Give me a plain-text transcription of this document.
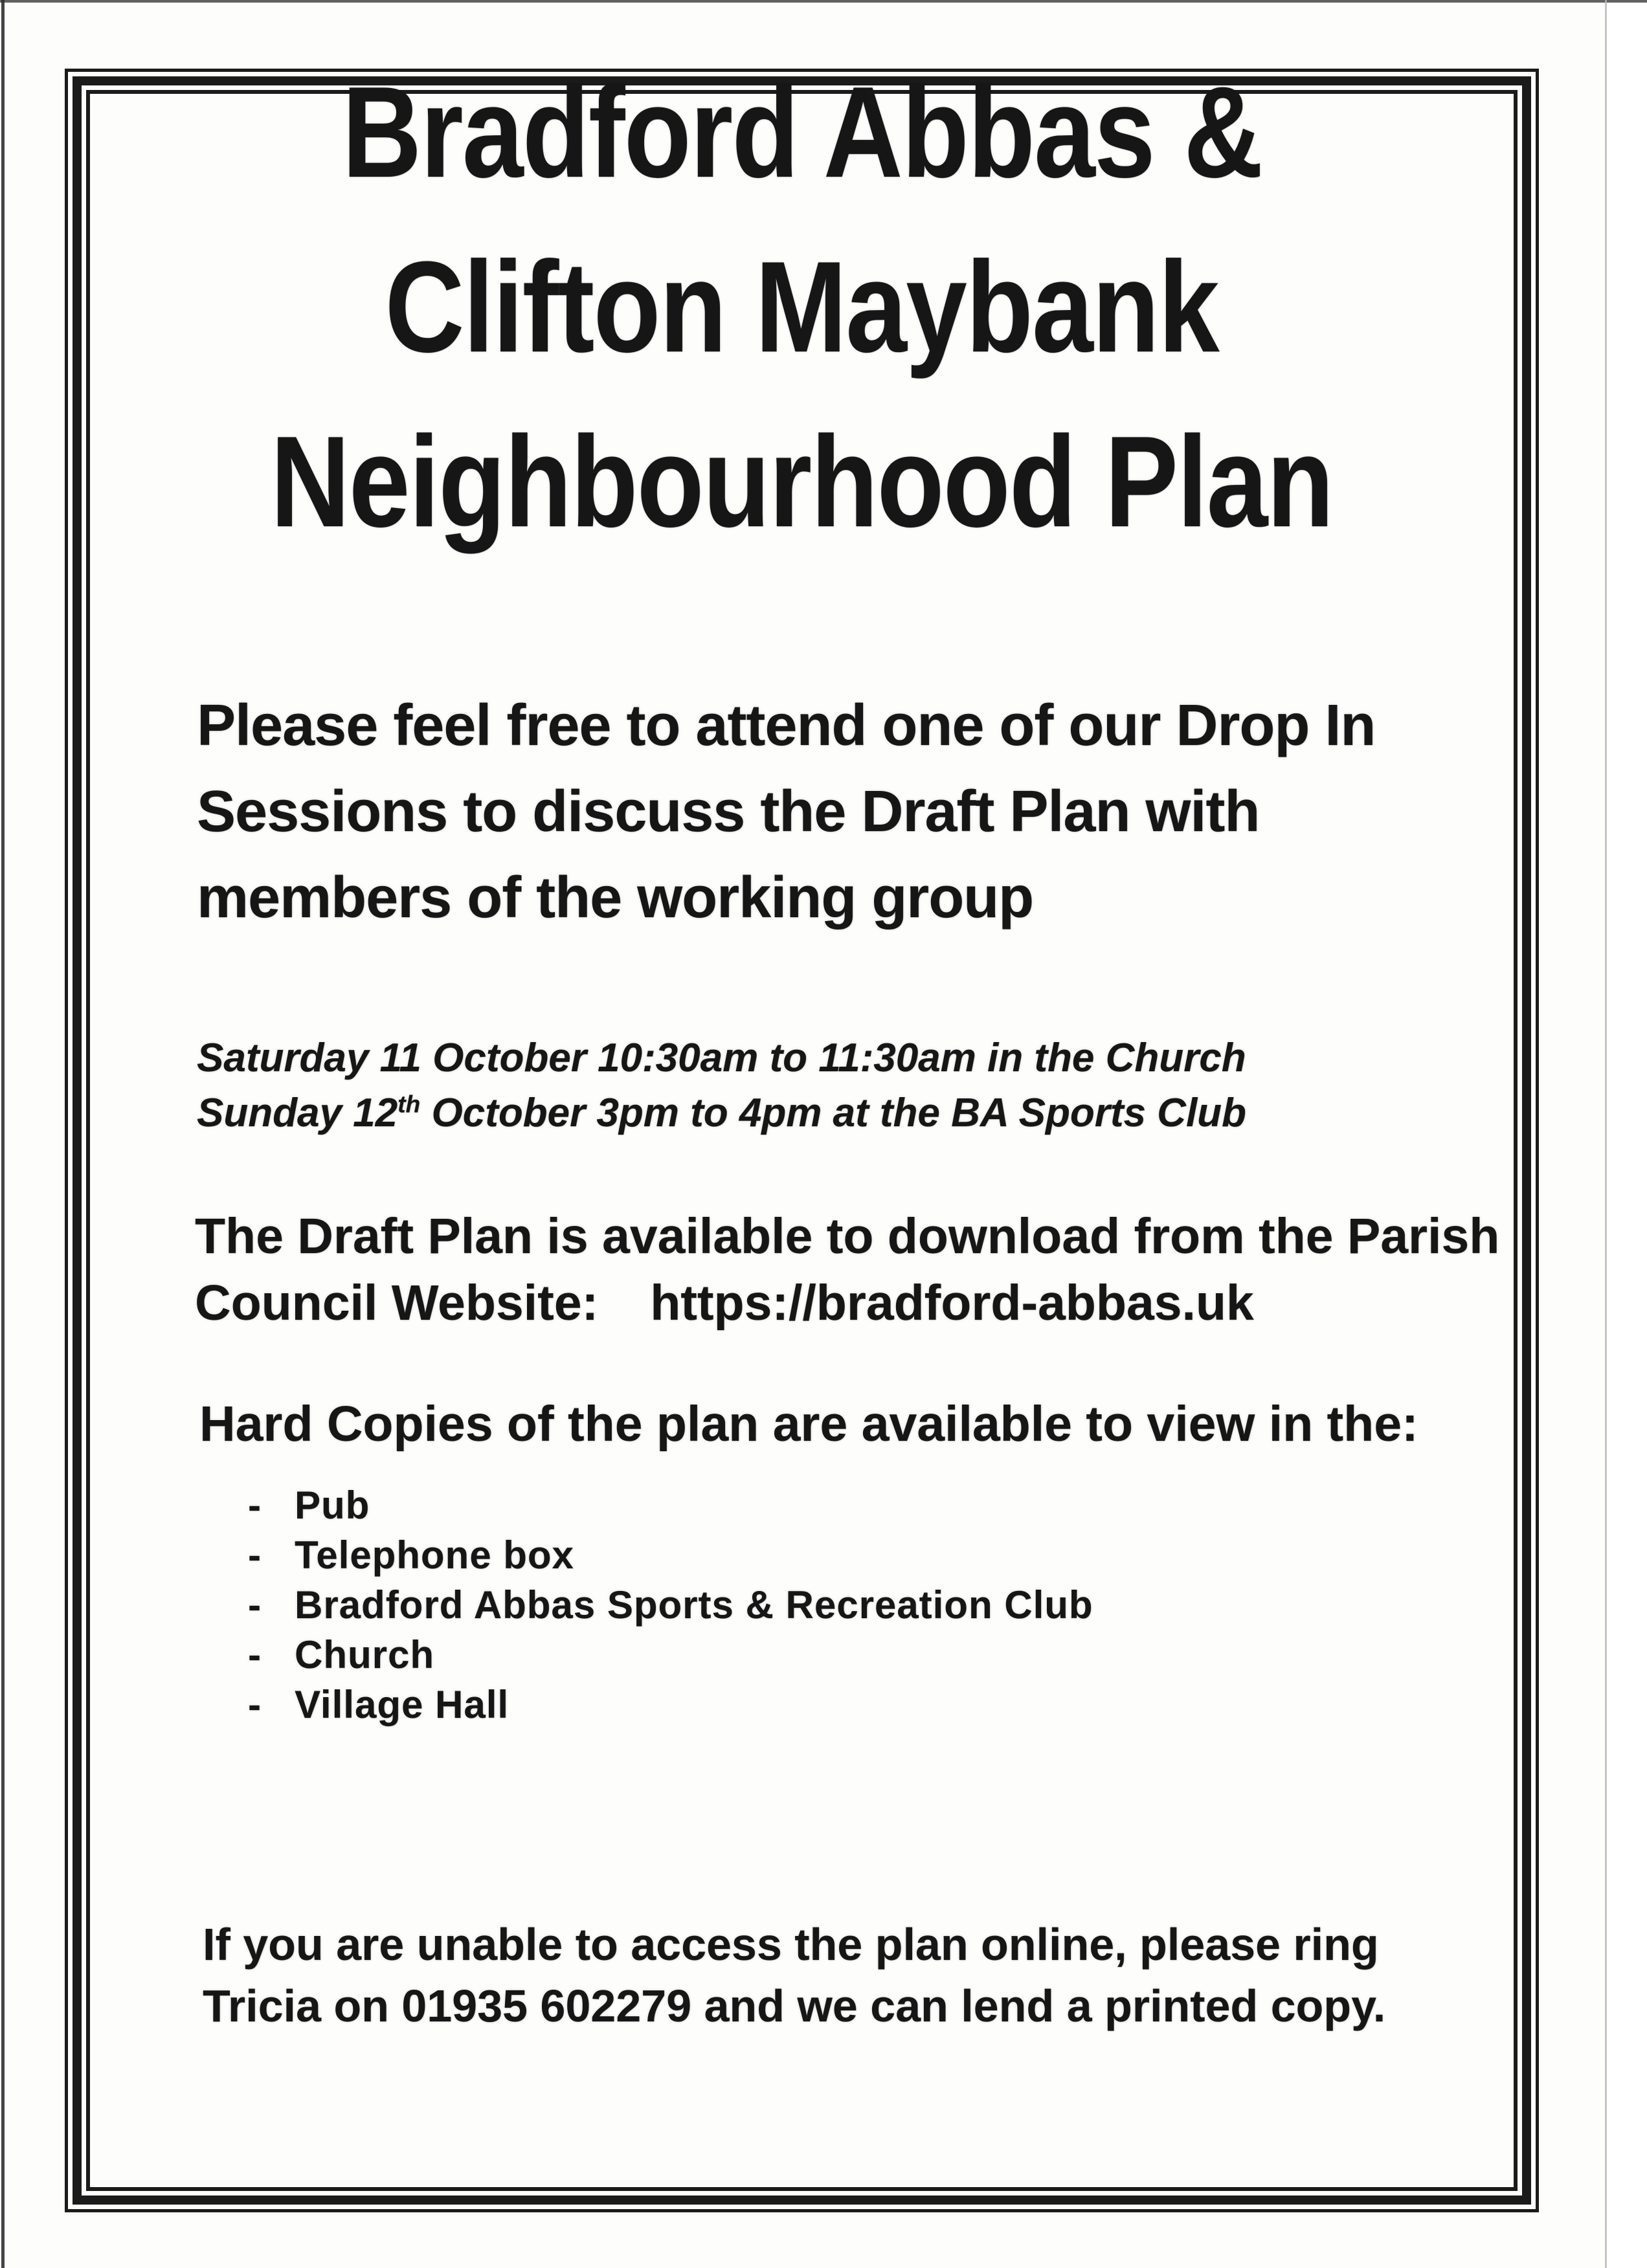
Bradford Abbas &
Clifton Maybank
Neighbourhood Plan
Please feel free to attend one of our Drop In
Sessions to discuss the Draft Plan with
members of the working group
Saturday 11 October 10:30am to 11:30am in the Church
Sunday 12th October 3pm to 4pm at the BA Sports Club
The Draft Plan is available to download from the Parish
Council Website: https://bradford-abbas.uk
Hard Copies of the plan are available to view in the:
- Pub
- Telephone box
- Bradford Abbas Sports & Recreation Club
- Church
- Village Hall
If you are unable to access the plan online, please ring
Tricia on 01935 602279 and we can lend a printed copy.
